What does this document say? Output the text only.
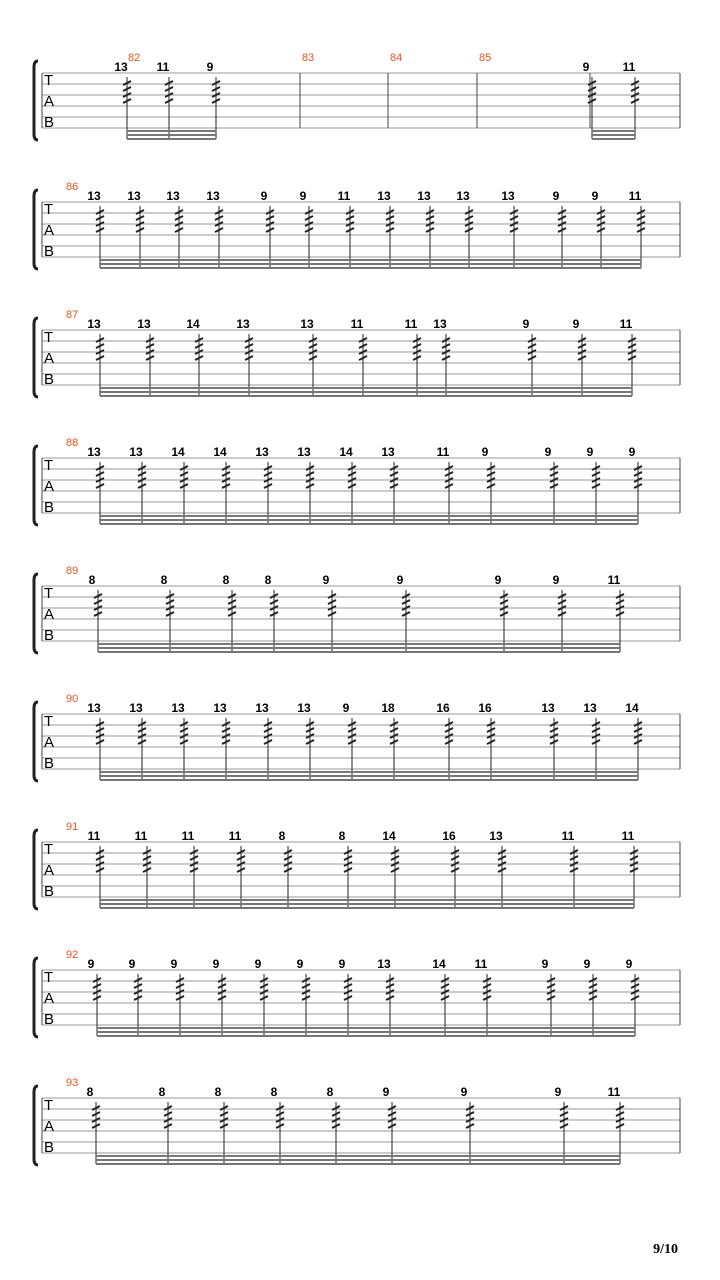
T
A
B
82
13 11	9
83	84	85
9	11
T
A
B
86
13 13 13 13	9	9	11 13 13 13	13	9	9	11
T
A
B
87
13	13	14	13	13	11	11 13	9	9	11
T
A
B
88
13 13 14 14 13 13 14 13	11	9	9	9	9
T
A
B
89
8	8	8	8	9	9	9	9	11
T
A
B
90
13 13 13 13 13 13	9	18	16 16	13 13 14
T
A
B
91
11	11	11	11	8	8	14	16	13	11	11
T
A
B
92
9	9	9	9	9	9	9	13	14 11	9	9	9
T
A
B
93
8	8	8	8	8	9	9	9	11
9/10
